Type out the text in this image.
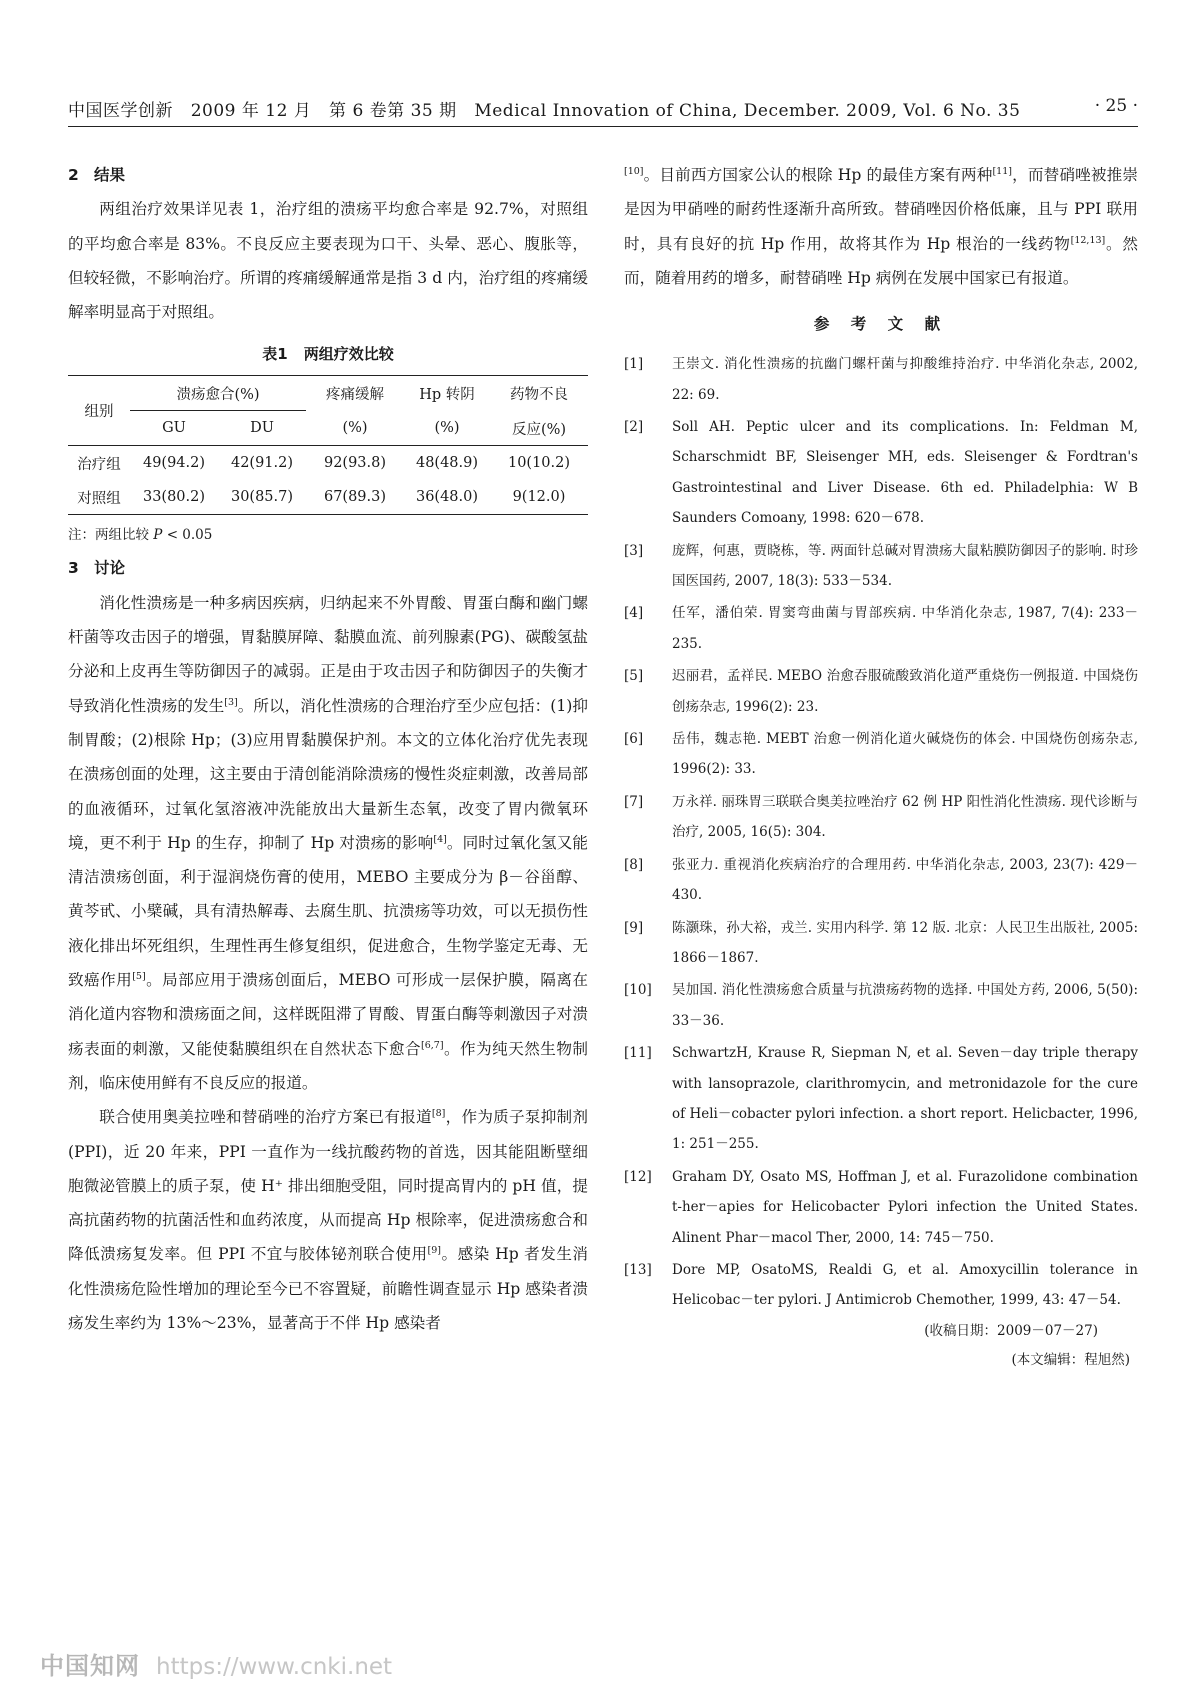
中国医学创新 2009 年 12 月 第 6 卷第 35 期 Medical Innovation of China, December. 2009, Vol. 6 No. 35	· 25 ·
2 结果

两组治疗效果详见表 1，治疗组的溃疡平均愈合率是 92.7%，对照组的平均愈合率是 83%。不良反应主要表现为口干、头晕、恶心、腹胀等，但较轻微，不影响治疗。所谓的疼痛缓解通常是指 3 d 内，治疗组的疼痛缓解率明显高于对照组。

表1 两组疗效比较
组别	溃疡愈合(%)		疼痛缓解	Hp 转阴	药物不良
	GU	DU	(%)	(%)	反应(%)
治疗组	49(94.2)	42(91.2)	92(93.8)	48(48.9)	10(10.2)
对照组	33(80.2)	30(85.7)	67(89.3)	36(48.0)	9(12.0)
注：两组比较 P < 0.05
3 讨论

消化性溃疡是一种多病因疾病，归纳起来不外胃酸、胃蛋白酶和幽门螺杆菌等攻击因子的增强，胃黏膜屏障、黏膜血流、前列腺素(PG)、碳酸氢盐分泌和上皮再生等防御因子的减弱。正是由于攻击因子和防御因子的失衡才导致消化性溃疡的发生[3]。所以，消化性溃疡的合理治疗至少应包括：(1)抑制胃酸；(2)根除 Hp；(3)应用胃黏膜保护剂。本文的立体化治疗优先表现在溃疡创面的处理，这主要由于清创能消除溃疡的慢性炎症刺激，改善局部的血液循环，过氧化氢溶液冲洗能放出大量新生态氧，改变了胃内微氧环境，更不利于 Hp 的生存，抑制了 Hp 对溃疡的影响[4]。同时过氧化氢又能清洁溃疡创面，利于湿润烧伤膏的使用，MEBO 主要成分为 β－谷甾醇、黄芩甙、小檗碱，具有清热解毒、去腐生肌、抗溃疡等功效，可以无损伤性液化排出坏死组织，生理性再生修复组织，促进愈合，生物学鉴定无毒、无致癌作用[5]。局部应用于溃疡创面后，MEBO 可形成一层保护膜，隔离在消化道内容物和溃疡面之间，这样既阻滞了胃酸、胃蛋白酶等刺激因子对溃疡表面的刺激，又能使黏膜组织在自然状态下愈合[6,7]。作为纯天然生物制剂，临床使用鲜有不良反应的报道。

联合使用奥美拉唑和替硝唑的治疗方案已有报道[8]，作为质子泵抑制剂(PPI)，近 20 年来，PPI 一直作为一线抗酸药物的首选，因其能阻断壁细胞微泌管膜上的质子泵，使 H⁺ 排出细胞受阻，同时提高胃内的 pH 值，提高抗菌药物的抗菌活性和血药浓度，从而提高 Hp 根除率，促进溃疡愈合和降低溃疡复发率。但 PPI 不宜与胶体铋剂联合使用[9]。感染 Hp 者发生消化性溃疡危险性增加的理论至今已不容置疑，前瞻性调查显示 Hp 感染者溃疡发生率约为 13%～23%，显著高于不伴 Hp 感染者

[10]。目前西方国家公认的根除 Hp 的最佳方案有两种[11]，而替硝唑被推崇是因为甲硝唑的耐药性逐渐升高所致。替硝唑因价格低廉，且与 PPI 联用时，具有良好的抗 Hp 作用，故将其作为 Hp 根治的一线药物[12,13]。然而，随着用药的增多，耐替硝唑 Hp 病例在发展中国家已有报道。

参 考 文 献
[1]	王崇文. 消化性溃疡的抗幽门螺杆菌与抑酸维持治疗. 中华消化杂志, 2002, 22: 69.
[2]	Soll AH. Peptic ulcer and its complications. In: Feldman M, Scharschmidt BF, Sleisenger MH, eds. Sleisenger & Fordtran's Gastrointestinal and Liver Disease. 6th ed. Philadelphia: W B Saunders Comoany, 1998: 620－678.
[3]	庞辉，何惠，贾晓栋，等. 两面针总碱对胃溃疡大鼠粘膜防御因子的影响. 时珍国医国药, 2007, 18(3): 533－534.
[4]	任军，潘伯荣. 胃窦弯曲菌与胃部疾病. 中华消化杂志, 1987, 7(4): 233－235.
[5]	迟丽君，孟祥民. MEBO 治愈吞服硫酸致消化道严重烧伤一例报道. 中国烧伤创疡杂志, 1996(2): 23.
[6]	岳伟，魏志艳. MEBT 治愈一例消化道火碱烧伤的体会. 中国烧伤创疡杂志, 1996(2): 33.
[7]	万永祥. 丽珠胃三联联合奥美拉唑治疗 62 例 HP 阳性消化性溃疡. 现代诊断与治疗, 2005, 16(5): 304.
[8]	张亚力. 重视消化疾病治疗的合理用药. 中华消化杂志, 2003, 23(7): 429－430.
[9]	陈灏珠，孙大裕，戎兰. 实用内科学. 第 12 版. 北京：人民卫生出版社, 2005: 1866－1867.
[10]	吴加国. 消化性溃疡愈合质量与抗溃疡药物的选择. 中国处方药, 2006, 5(50): 33－36.
[11]	SchwartzH, Krause R, Siepman N, et al. Seven－day triple therapy with lansoprazole, clarithromycin, and metronidazole for the cure of Heli－cobacter pylori infection. a short report. Helicbacter, 1996, 1: 251－255.
[12]	Graham DY, Osato MS, Hoffman J, et al. Furazolidone combination t-her－apies for Helicobacter Pylori infection the United States. Alinent Phar－macol Ther, 2000, 14: 745－750.
[13]	Dore MP, OsatoMS, Realdi G, et al. Amoxycillin tolerance in Helicobac－ter pylori. J Antimicrob Chemother, 1999, 43: 47－54.
(收稿日期：2009－07－27)
(本文编辑：程旭然)
中国知网 https://www.cnki.net
